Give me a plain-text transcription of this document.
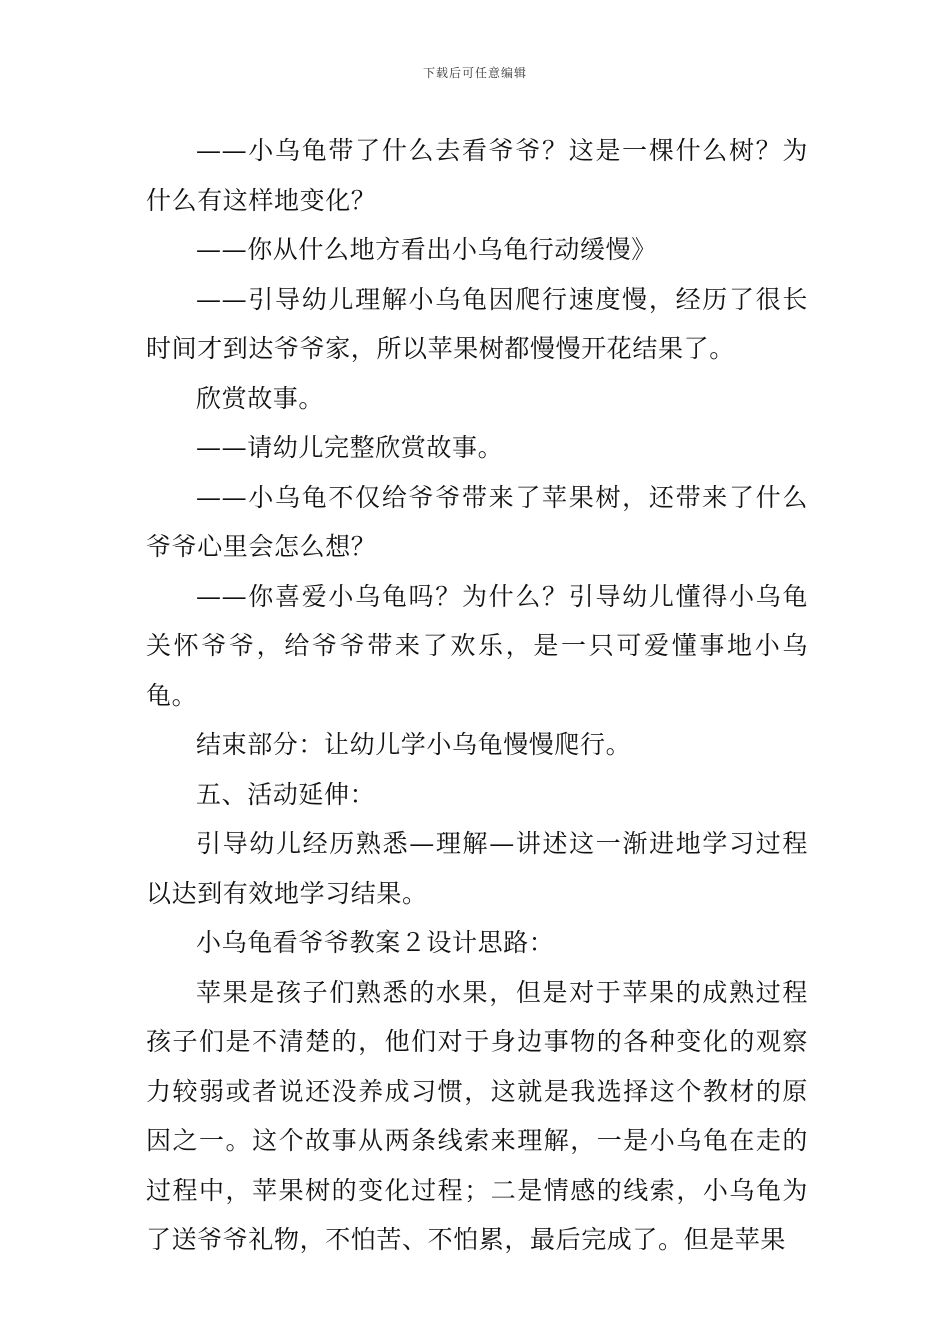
下载后可任意编辑

——小乌龟带了什么去看爷爷？这是一棵什么树？为什么有这样地变化？

——你从什么地方看出小乌龟行动缓慢》

——引导幼儿理解小乌龟因爬行速度慢，经历了很长时间才到达爷爷家，所以苹果树都慢慢开花结果了。

欣赏故事。

——请幼儿完整欣赏故事。

——小乌龟不仅给爷爷带来了苹果树，还带来了什么爷爷心里会怎么想？

——你喜爱小乌龟吗？为什么？引导幼儿懂得小乌龟关怀爷爷，给爷爷带来了欢乐，是一只可爱懂事地小乌龟。

结束部分：让幼儿学小乌龟慢慢爬行。

五、活动延伸：

引导幼儿经历熟悉—理解—讲述这一渐进地学习过程以达到有效地学习结果。

小乌龟看爷爷教案２设计思路：

苹果是孩子们熟悉的水果，但是对于苹果的成熟过程孩子们是不清楚的，他们对于身边事物的各种变化的观察力较弱或者说还没养成习惯，这就是我选择这个教材的原因之一。这个故事从两条线索来理解，一是小乌龟在走的过程中，苹果树的变化过程；二是情感的线索，小乌龟为了送爷爷礼物，不怕苦、不怕累，最后完成了。但是苹果
